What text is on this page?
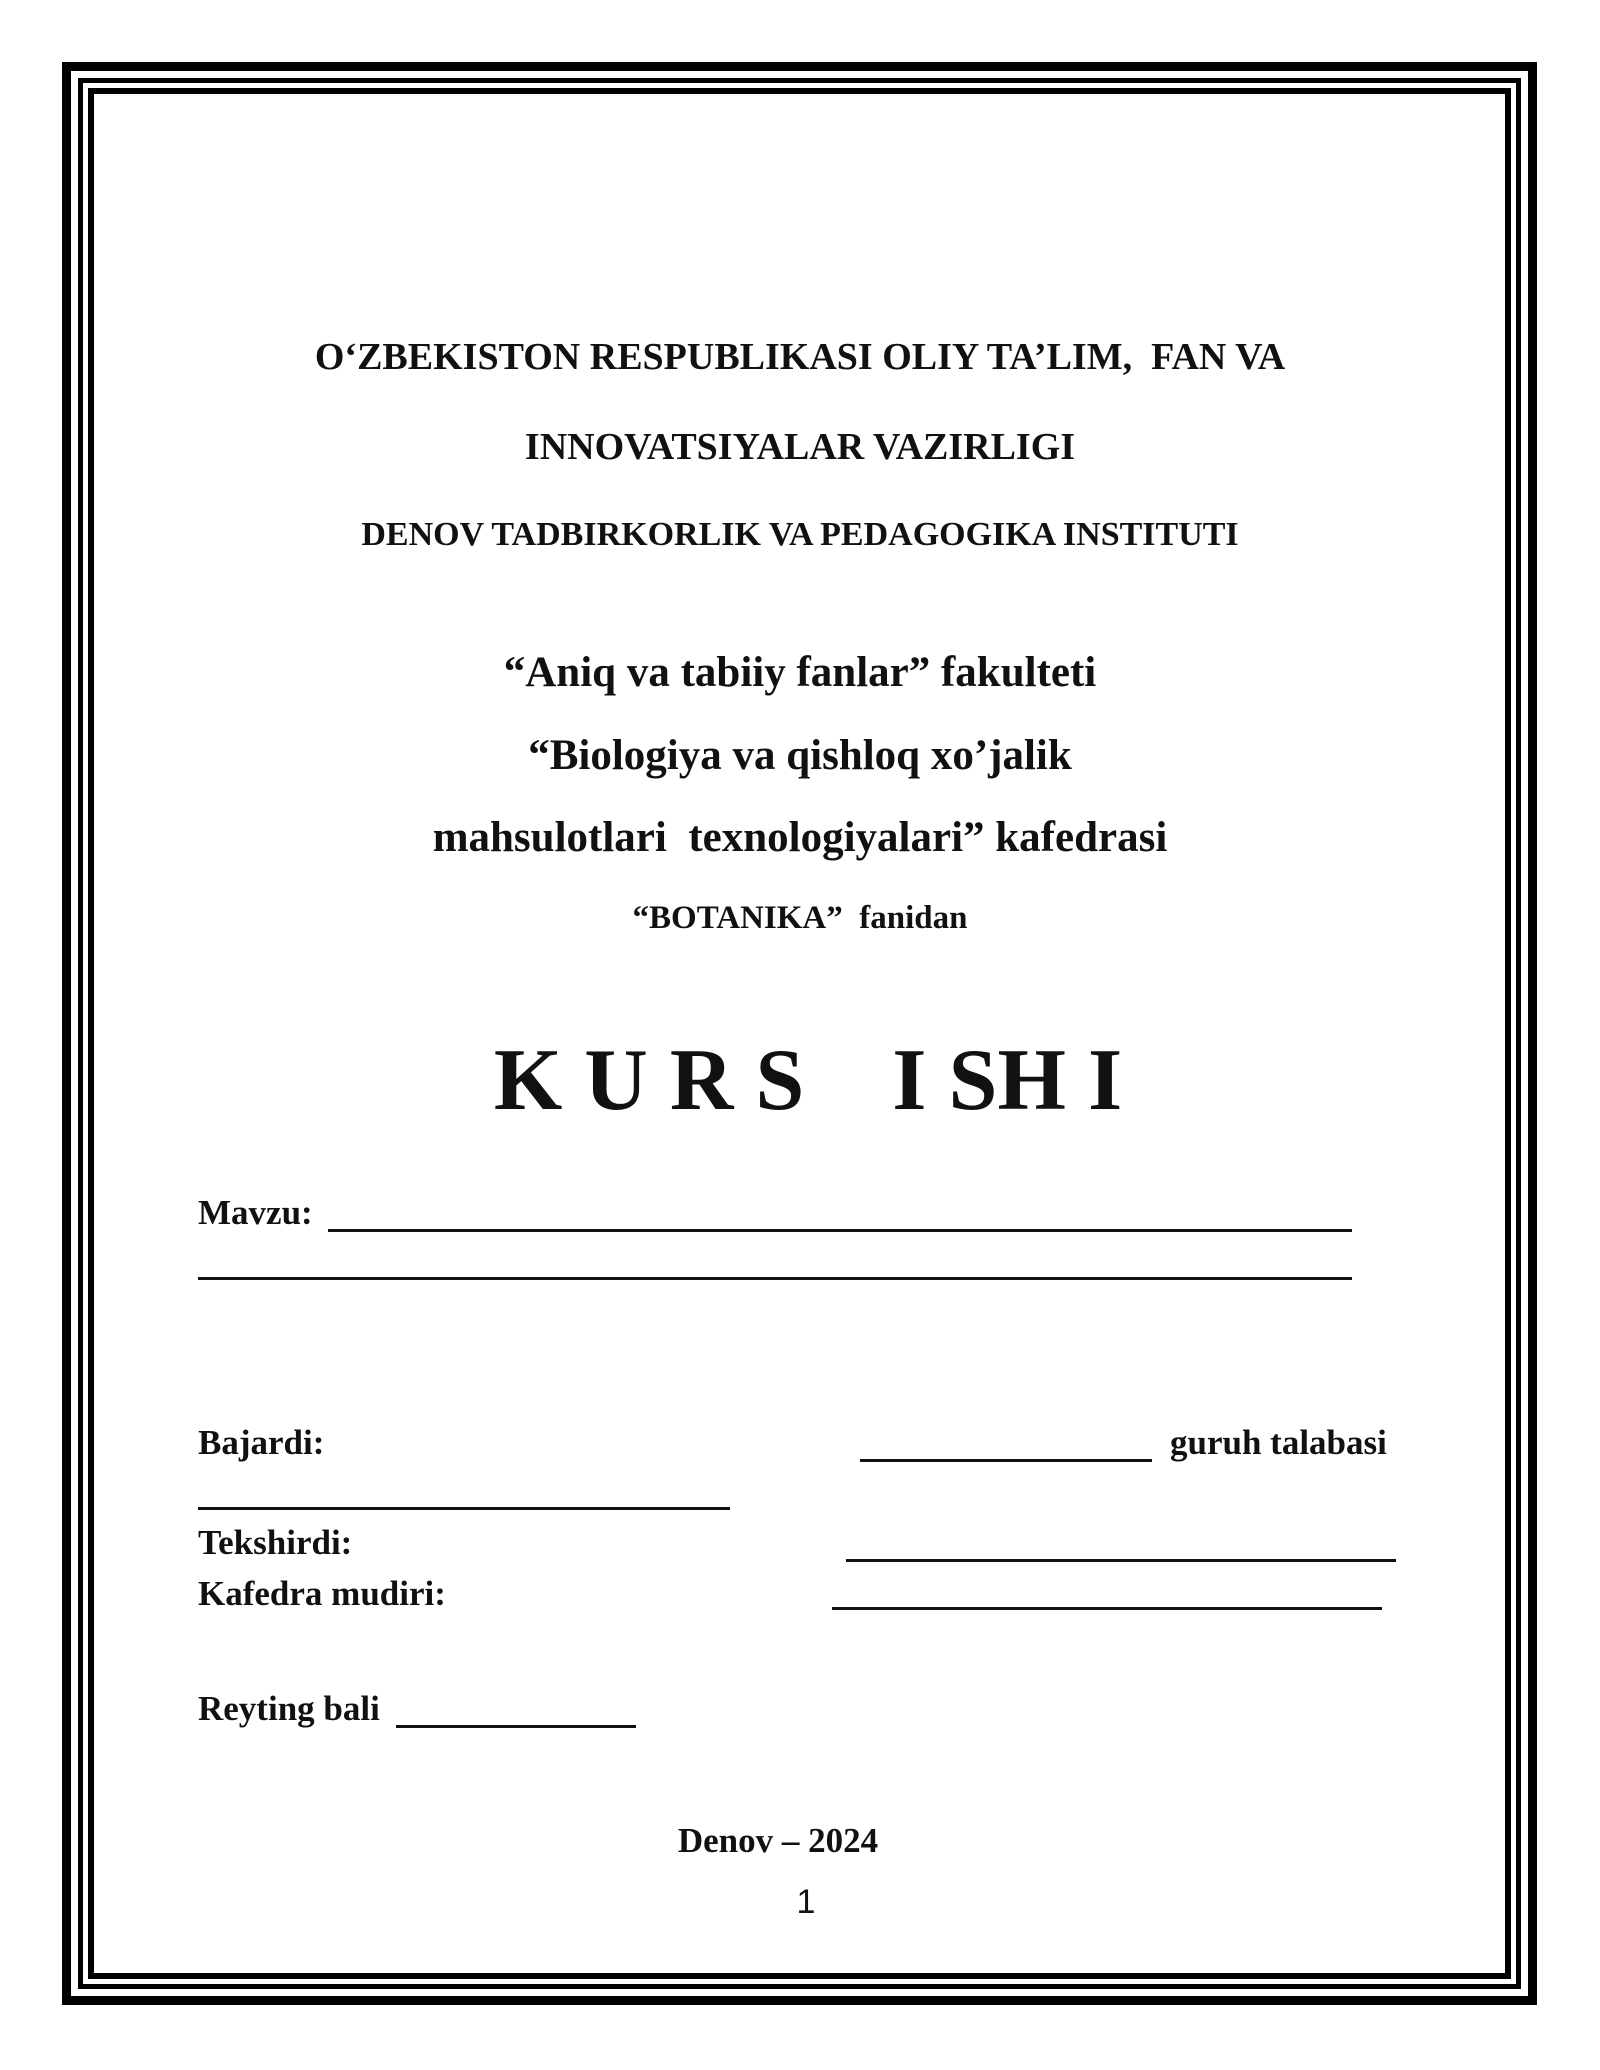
O‘ZBEKISTON RESPUBLIKASI OLIY TA’LIM,  FAN VA
INNOVATSIYALAR VAZIRLIGI
DENOV TADBIRKORLIK VA PEDAGOGIKA INSTITUTI
“Aniq va tabiiy fanlar” fakulteti
“Biologiya va qishloq xo’jalik
mahsulotlari  texnologiyalari” kafedrasi
“BOTANIKA”  fanidan
K U R S    I SH I
Mavzu:
Bajardi:	guruh talabasi
Tekshirdi:
Kafedra mudiri:
Reyting bali
Denov – 2024
1
